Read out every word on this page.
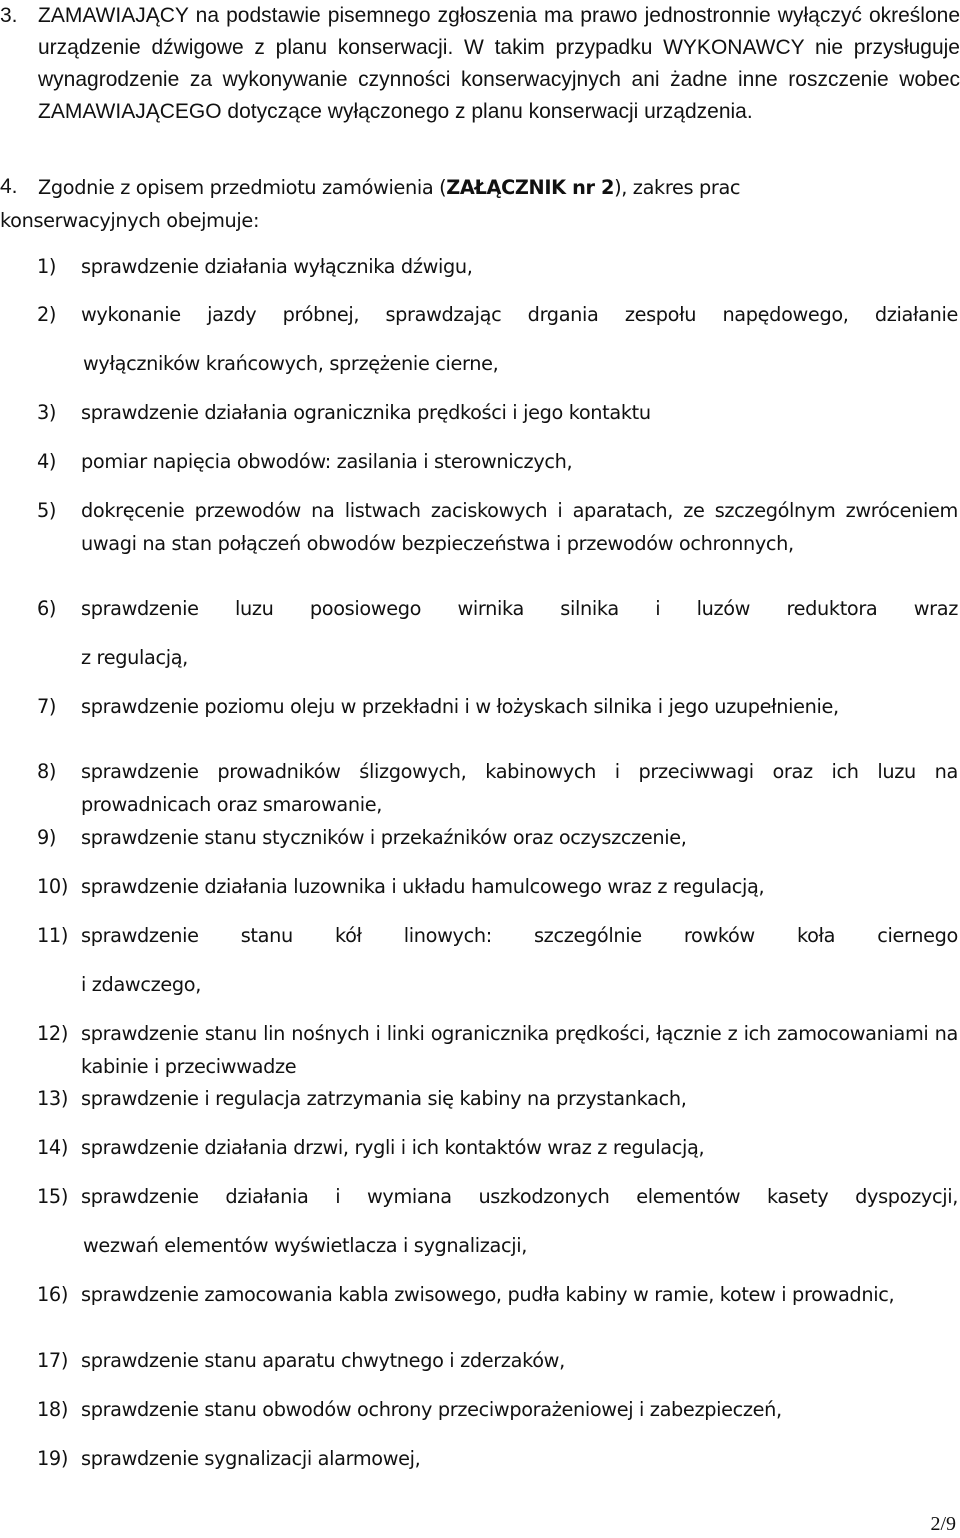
3. ZAMAWIAJĄCY na podstawie pisemnego zgłoszenia ma prawo jednostronnie wyłączyć określone urządzenie dźwigowe z planu konserwacji. W takim przypadku WYKONAWCY nie przysługuje wynagrodzenie za wykonywanie czynności konserwacyjnych ani żadne inne roszczenie wobec ZAMAWIAJĄCEGO dotyczące wyłączonego z planu konserwacji urządzenia.
4. Zgodnie z opisem przedmiotu zamówienia (ZAŁĄCZNIK nr 2), zakres prac
konserwacyjnych obejmuje:
1) sprawdzenie działania wyłącznika dźwigu,
2) wykonanie jazdy próbnej, sprawdzając drgania zespołu napędowego, działanie
wyłączników krańcowych, sprzężenie cierne,
3) sprawdzenie działania ogranicznika prędkości i jego kontaktu
4) pomiar napięcia obwodów: zasilania i sterowniczych,
5) dokręcenie przewodów na listwach zaciskowych i aparatach, ze szczególnym zwróceniem uwagi na stan połączeń obwodów bezpieczeństwa i przewodów ochronnych,
6) sprawdzenie luzu poosiowego wirnika silnika i luzów reduktora wraz
z regulacją,
7) sprawdzenie poziomu oleju w przekładni i w łożyskach silnika i jego uzupełnienie,
8) sprawdzenie prowadników ślizgowych, kabinowych i przeciwwagi oraz ich luzu na prowadnicach oraz smarowanie,
9) sprawdzenie stanu styczników i przekaźników oraz oczyszczenie,
10) sprawdzenie działania luzownika i układu hamulcowego wraz z regulacją,
11) sprawdzenie stanu kół linowych: szczególnie rowków koła ciernego
i zdawczego,
12) sprawdzenie stanu lin nośnych i linki ogranicznika prędkości, łącznie z ich zamocowaniami na kabinie i przeciwwadze
13) sprawdzenie i regulacja zatrzymania się kabiny na przystankach,
14) sprawdzenie działania drzwi, rygli i ich kontaktów wraz z regulacją,
15) sprawdzenie działania i wymiana uszkodzonych elementów kasety dyspozycji,
wezwań elementów wyświetlacza i sygnalizacji,
16) sprawdzenie zamocowania kabla zwisowego, pudła kabiny w ramie, kotew i prowadnic,
17) sprawdzenie stanu aparatu chwytnego i zderzaków,
18) sprawdzenie stanu obwodów ochrony przeciwporażeniowej i zabezpieczeń,
19) sprawdzenie sygnalizacji alarmowej,
2/9
